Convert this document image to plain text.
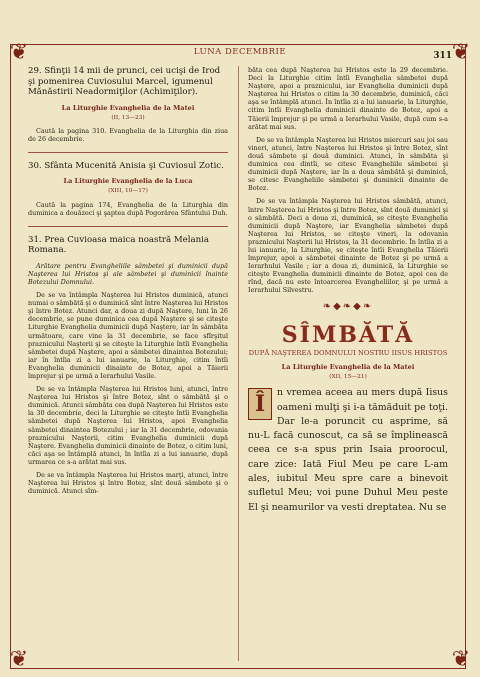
❦	❦
❦	❦
LUNA DECEMBRIE	311
29. Sfinţii 14 mii de prunci, cei ucişi de Irod şi pomenirea Cuviosului Marcel, igumenul Mănăstirii Neadormiţilor (Achimiţilor).
La Liturghie Evanghelia de la Matei
(II, 13—23)

Caută la pagina 310. Evanghelia de la Liturghia din ziua de 26 decembrie.

30. Sfânta Mucenită Anisia şi Cuviosul Zotic.
La Liturghie Evanghelia de la Luca
(XIII, 10—17)

Caută la pagina 174, Evanghelia de la Liturghia din duminica a douăzeci şi şaptea după Pogorârea Sfântului Duh.

31. Prea Cuvioasa maica noastră Melania Romana.

Arătare pentru Evangheliile sâmbetei şi duminicii după Naşterea lui Hristos şi ale sâmbetei şi duminicii înainte Botezului Domnului.

De se va întâmpla Naşterea lui Hristos duminică, atunci numai o sâmbătă şi o duminică sînt între Naşterea lui Hristos şi între Botez. Atunci dar, a doua zi după Naştere, luni în 26 decembrie, se pune duminica cea după Naştere şi se citeşte Liturghie Evanghelia duminicii după Naştere, iar în sâmbăta următoare, care vine la 31 decembrie, se face sfîrşitul praznicului Naşterii şi se citeşte la Liturghie întîi Evanghelia sâmbetei după Naştere, apoi a sâmbetei dinaintea Botezului; iar în întîia zi a lui ianuarie, la Liturghie, citim întîi Evanghelia duminicii dinainte de Botez, apoi a Tăierii împrejur şi pe urmă a Ierarhului Vasile.

De se va întâmpla Naşterea lui Hristos luni, atunci, între Naşterea lui Hristos şi între Botez, sînt o sâmbătă şi o duminică. Atunci sâmbăta cea după Naşterea lui Hristos este la 30 decembrie, deci la Liturghie se citeşte întîi Evanghelia sâmbetei după Naşterea lui Hristos, apoi Evanghelia sâmbetei dinaintea Botezului ; iar la 31 decembrie, odovania praznicului Naşterii, citim Evanghelia duminicii după Naştere. Evanghelia duminicii dinainte de Botez, o citim luni, căci aşa se întâmplă atunci, în întîia zi a lui ianuarie, după urmarea ce s-a arătat mai sus.

De se va întâmpla Naşterea lui Hristos marţi, atunci, între Naşterea lui Hristos şi între Botez, sînt două sâmbete şi o duminică. Atunci sîm-

băta cea după Naşterea lui Hristos este la 29 decembrie. Deci la Liturghie citim întîi Evanghelia sâmbetei după Naştere, apoi a praznicului, iar Evanghelia duminicii după Naşterea lui Hristos o citim la 30 decembrie, duminică, căci aşa se întâmplă atunci. În întîia zi a lui ianuarie, la Liturghie, citim întîi Evanghelia duminicii dinainte de Botez, apoi a Tăierii împrejur şi pe urmă a Ierarhului Vasile, după cum s-a arătat mai sus.

De se va întâmpla Naşterea lui Hristos miercuri sau joi sau vineri, atunci, între Naşterea lui Hristos şi între Botez, sînt două sâmbete şi două duminici. Atunci, în sâmbăta şi duminica cea dintîi, se citesc Evangheliile sâmbetei şi duminicii după Naştere, iar în a doua sâmbătă şi duminică, se citesc Evangheliile sâmbetei şi duminicii dinainte de Botez.

De se va întâmpla Naşterea lui Hristos sâmbătă, atunci, între Naşterea lui Hristos şi între Botez, sînt două duminici şi o sâmbătă. Deci a doua zi, duminică, se citeşte Evanghelia duminicii după Naştere, iar Evanghelia sâmbetei după Naşterea lui Hristos, se citeşte vineri, la odovania praznicului Naşterii lui Hristos, la 31 decembrie. În întîia zi a lui ianuarie, la Liturghie, se citeşte întîi Evanghelia Tăierii împrejur, apoi a sâmbetei dinainte de Botez şi pe urmă a Ierarhului Vasile ; iar a doua zi, duminică, la Liturghie se citeşte Evanghelia duminicii dinainte de Botez, apoi cea de rînd, dacă nu este întoarcerea Evangheliilor, şi pe urmă a Ierarhului Silvestru.

❧◆❧◆❧
SÎMBĂTĂ
DUPĂ NAŞTEREA DOMNULUI NOSTRU IISUS HRISTOS
La Liturghie Evanghelia de la Matei
(XII, 15—21)
Î	n vremea aceea au mers după Iisus oameni mulţi şi i-a tămăduit pe toţi. Dar le-a poruncit cu asprime, să nu-L facă cunoscut, ca să se împlinească ceea ce s-a spus prin Isaia proorocul, care zice: Iată Fiul Meu pe care L-am ales, iubitul Meu spre care a binevoit sufletul Meu; voi pune Duhul Meu peste El şi neamurilor va vesti dreptatea. Nu se
